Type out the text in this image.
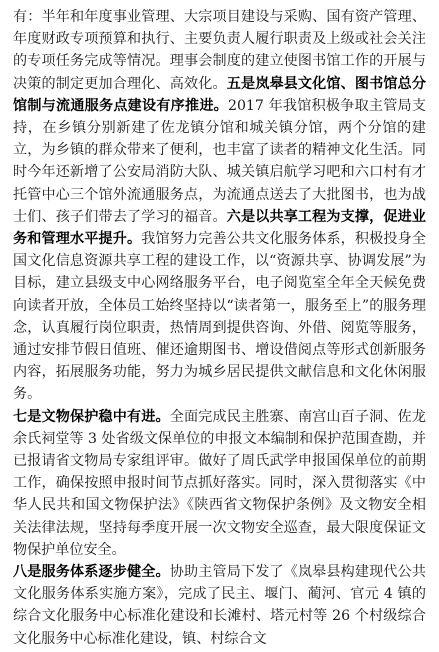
有：半年和年度事业管理、大宗项目建设与采购、国有资产管理、年度财政专项预算和执行、主要负责人履行职责及上级或社会关注的专项任务完成等情况。理事会制度的建立使图书馆工作的开展与决策的制定更加合理化、高效化。五是岚皋县文化馆、图书馆总分馆制与流通服务点建设有序推进。2017 年我馆积极争取主管局支持，在乡镇分别新建了佐龙镇分馆和城关镇分馆，两个分馆的建立，为乡镇的群众带来了便利，也丰富了读者的精神文化生活。同时今年还新增了公安局消防大队、城关镇启航学习吧和六口村有才托管中心三个馆外流通服务点，为流通点送去了大批图书，也为战士们、孩子们带去了学习的福音。六是以共享工程为支撑，促进业务和管理水平提升。我馆努力完善公共文化服务体系，积极投身全国文化信息资源共享工程的建设工作，以“资源共享、协调发展”为目标，建立县级支中心网络服务平台，电子阅览室全年全天候免费向读者开放，全体员工始终坚持以“读者第一，服务至上”的服务理念，认真履行岗位职责，热情周到提供咨询、外借、阅览等服务，通过安排节假日值班、催还逾期图书、增设借阅点等形式创新服务内容，拓展服务功能，努力为城乡居民提供文献信息和文化休闲服务。
七是文物保护稳中有进。全面完成民主胜寨、南宫山百子洞、佐龙余氏祠堂等 3 处省级文保单位的申报文本编制和保护范围查勘，并已报请省文物局专家组评审。做好了周氏武学申报国保单位的前期工作，确保按照申报时间节点抓好落实。同时，深入贯彻落实《中华人民共和国文物保护法》《陕西省文物保护条例》及文物安全相关法律法规，坚持每季度开展一次文物安全巡查，最大限度保证文物保护单位安全。
八是服务体系逐步健全。协助主管局下发了《岚皋县构建现代公共文化服务体系实施方案》，完成了民主、堰门、蔺河、官元 4 镇的综合文化服务中心标准化建设和长滩村、塔元村等 26 个村级综合文化服务中心标准化建设，镇、村综合文
